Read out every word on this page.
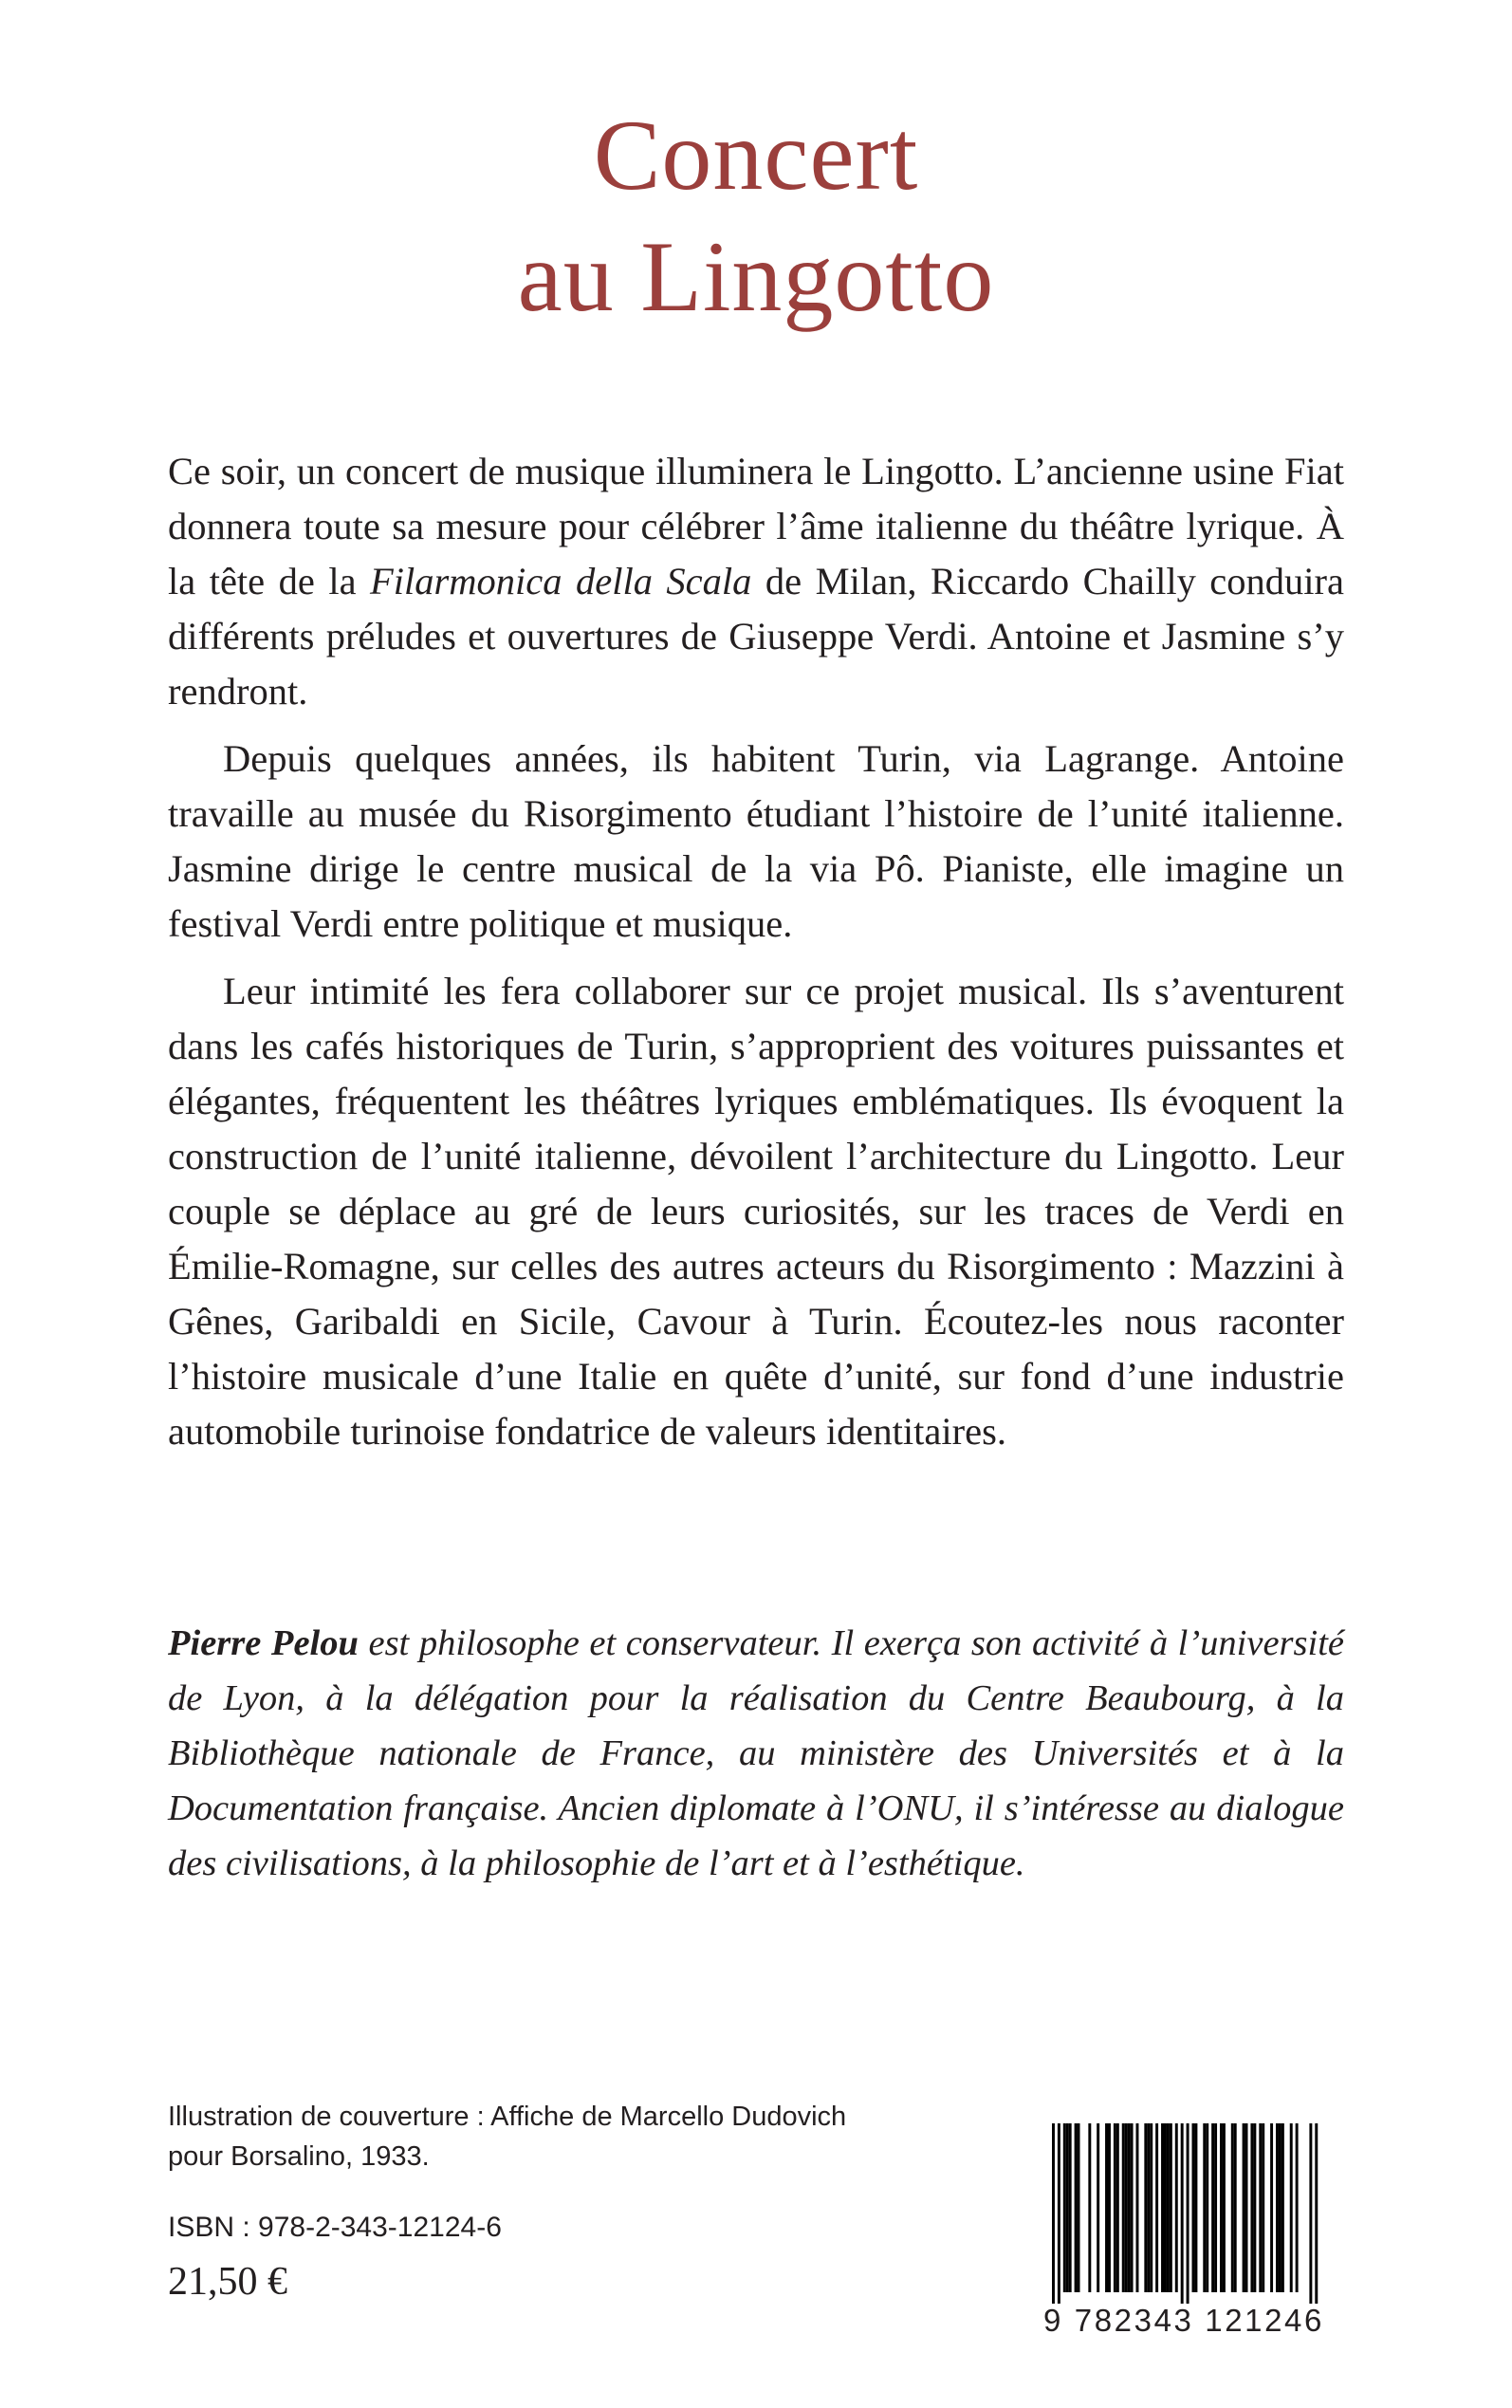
Concert
au Lingotto

Ce soir, un concert de musique illuminera le Lingotto. L’ancienne usine Fiat donnera toute sa mesure pour célébrer l’âme italienne du théâtre lyrique. À la tête de la Filarmonica della Scala de Milan, Riccardo Chailly conduira différents préludes et ouvertures de Giuseppe Verdi. Antoine et Jasmine s’y rendront.

Depuis quelques années, ils habitent Turin, via Lagrange. Antoine travaille au musée du Risorgimento étudiant l’histoire de l’unité italienne. Jasmine dirige le centre musical de la via Pô. Pianiste, elle imagine un festival Verdi entre politique et musique.

Leur intimité les fera collaborer sur ce projet musical. Ils s’aventurent dans les cafés historiques de Turin, s’approprient des voitures puissantes et élégantes, fréquentent les théâtres lyriques emblématiques. Ils évoquent la construction de l’unité italienne, dévoilent l’architecture du Lingotto. Leur couple se déplace au gré de leurs curiosités, sur les traces de Verdi en Émilie-Romagne, sur celles des autres acteurs du Risorgimento : Mazzini à Gênes, Garibaldi en Sicile, Cavour à Turin. Écoutez-les nous raconter l’histoire musicale d’une Italie en quête d’unité, sur fond d’une industrie automobile turinoise fondatrice de valeurs identitaires.

Pierre Pelou est philosophe et conservateur. Il exerça son activité à l’université de Lyon, à la délégation pour la réalisation du Centre Beaubourg, à la Bibliothèque nationale de France, au ministère des Universités et à la Documentation française. Ancien diplomate à l’ONU, il s’intéresse au dialogue des civilisations, à la philosophie de l’art et à l’esthétique.
Illustration de couverture : Affiche de Marcello Dudovich
pour Borsalino, 1933.
ISBN : 978-2-343-12124-6
21,50 €
9 782343 121246
